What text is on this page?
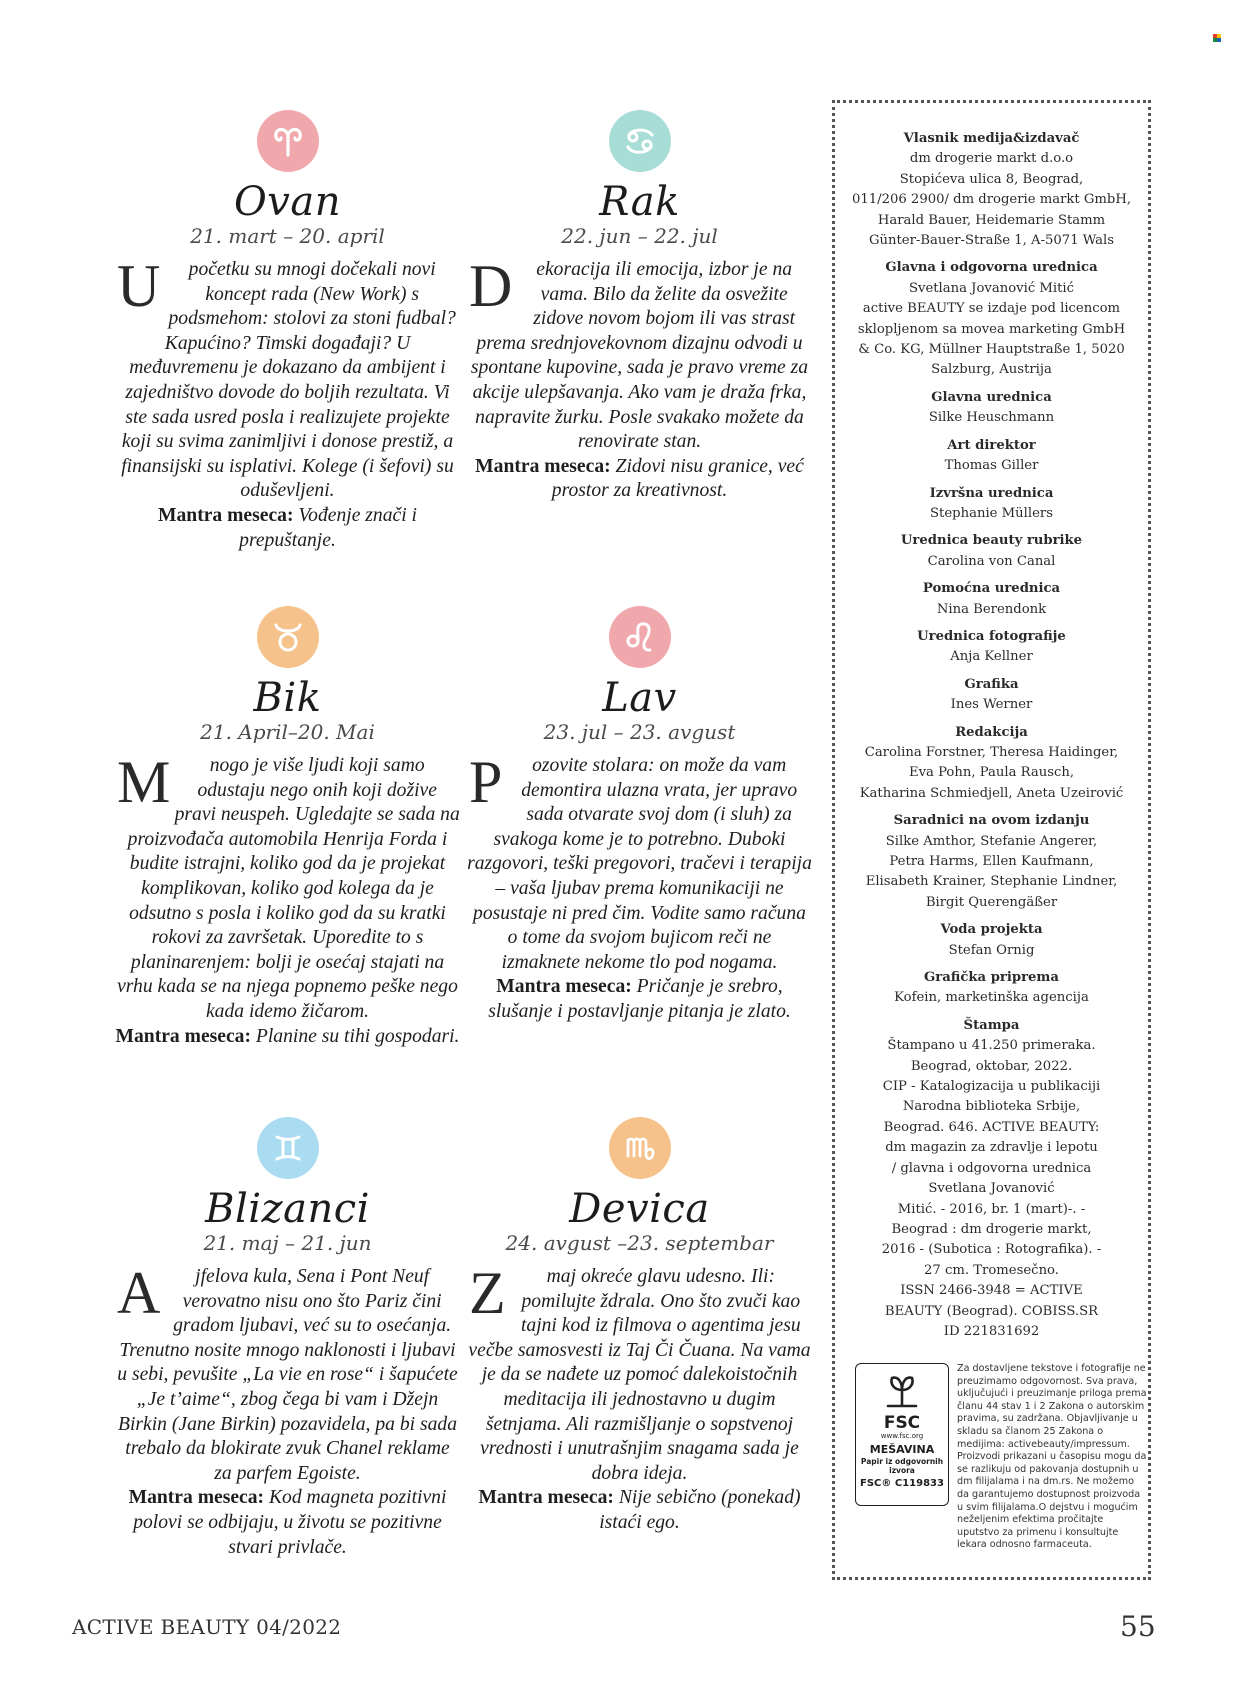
Ovan
21. mart – 20. april
U početku su mnogi dočekali novi koncept rada (New Work) s podsmehom: stolovi za stoni fudbal? Kapućino? Timski događaji? U međuvremenu je dokazano da ambijent i zajedništvo dovode do boljih rezultata. Vi ste sada usred posla i realizujete projekte koji su svima zanimljivi i donose prestiž, a finansijski su isplativi. Kolege (i šefovi) su oduševljeni.
Mantra meseca: Vođenje znači i prepuštanje.
Rak
22. jun – 22. jul
D ekoracija ili emocija, izbor je na vama. Bilo da želite da osvežite zidove novom bojom ili vas strast prema srednjovekovnom dizajnu odvodi u spontane kupovine, sada je pravo vreme za akcije ulepšavanja. Ako vam je draža frka, napravite žurku. Posle svakako možete da renovirate stan.
Mantra meseca: Zidovi nisu granice, već prostor za kreativnost.
Bik
21. April–20. Mai
M nogo je više ljudi koji samo odustaju nego onih koji dožive pravi neuspeh. Ugledajte se sada na proizvođača automobila Henrija Forda i budite istrajni, koliko god da je projekat komplikovan, koliko god kolega da je odsutno s posla i koliko god da su kratki rokovi za završetak. Uporedite to s planinarenjem: bolji je osećaj stajati na vrhu kada se na njega popnemo peške nego kada idemo žičarom.
Mantra meseca: Planine su tihi gospodari.
Lav
23. jul – 23. avgust
P ozovite stolara: on može da vam demontira ulazna vrata, jer upravo sada otvarate svoj dom (i sluh) za svakoga kome je to potrebno. Duboki razgovori, teški pregovori, tračevi i terapija – vaša ljubav prema komunikaciji ne posustaje ni pred čim. Vodite samo računa o tome da svojom bujicom reči ne izmaknete nekome tlo pod nogama.
Mantra meseca: Pričanje je srebro, slušanje i postavljanje pitanja je zlato.
Blizanci
21. maj – 21. jun
A jfelova kula, Sena i Pont Neuf verovatno nisu ono što Pariz čini gradom ljubavi, već su to osećanja. Trenutno nosite mnogo naklonosti i ljubavi u sebi, pevušite „La vie en rose“ i šapućete „Je t’aime“, zbog čega bi vam i Džejn Birkin (Jane Birkin) pozavidela, pa bi sada trebalo da blokirate zvuk Chanel reklame za parfem Egoiste.
Mantra meseca: Kod magneta pozitivni polovi se odbijaju, u životu se pozitivne stvari privlače.
Devica
24. avgust –23. septembar
Z maj okreće glavu udesno. Ili: pomilujte ždrala. Ono što zvuči kao tajni kod iz filmova o agentima jesu večbe samosvesti iz Taj Či Čuana. Na vama je da se nađete uz pomoć dalekoistočnih meditacija ili jednostavno u dugim šetnjama. Ali razmišljanje o sopstvenoj vrednosti i unutrašnjim snagama sada je dobra ideja.
Mantra meseca: Nije sebično (ponekad) istaći ego.
Vlasnik medija&izdavač
dm drogerie markt d.o.o
Stopićeva ulica 8, Beograd,
011/206 2900/ dm drogerie markt GmbH,
Harald Bauer, Heidemarie Stamm
Günter-Bauer-Straße 1, A-5071 Wals
Glavna i odgovorna urednica
Svetlana Jovanović Mitić
active BEAUTY se izdaje pod licencom
sklopljenom sa movea marketing GmbH
& Co. KG, Müllner Hauptstraße 1, 5020
Salzburg, Austrija
Glavna urednica
Silke Heuschmann
Art direktor
Thomas Giller
Izvršna urednica
Stephanie Müllers
Urednica beauty rubrike
Carolina von Canal
Pomoćna urednica
Nina Berendonk
Urednica fotografije
Anja Kellner
Grafika
Ines Werner
Redakcija
Carolina Forstner, Theresa Haidinger,
Eva Pohn, Paula Rausch,
Katharina Schmiedjell, Aneta Uzeirović
Saradnici na ovom izdanju
Silke Amthor, Stefanie Angerer,
Petra Harms, Ellen Kaufmann,
Elisabeth Krainer, Stephanie Lindner,
Birgit Querengäßer
Voda projekta
Stefan Ornig
Grafička priprema
Kofein, marketinška agencija
Štampa
Štampano u 41.250 primeraka.
Beograd, oktobar, 2022.
CIP - Katalogizacija u publikaciji
Narodna biblioteka Srbije,
Beograd. 646. ACTIVE BEAUTY:
dm magazin za zdravlje i lepotu
/ glavna i odgovorna urednica
Svetlana Jovanović
Mitić. - 2016, br. 1 (mart)-. -
Beograd : dm drogerie markt,
2016 - (Subotica : Rotografika). -
27 cm. Tromesečno.
ISSN 2466-3948 = ACTIVE
BEAUTY (Beograd). COBISS.SR
ID 221831692
FSC
www.fsc.org
MEŠAVINA
Papir iz odgovornih izvora
FSC® C119833
Za dostavljene tekstove i fotografije ne preuzimamo odgovornost. Sva prava, uključujući i preuzimanje priloga prema članu 44 stav 1 i 2 Zakona o autorskim pravima, su zadržana. Objavljivanje u skladu sa članom 25 Zakona o medijima: activebeauty/impressum. Proizvodi prikazani u časopisu mogu da se razlikuju od pakovanja dostupnih u dm filijalama i na dm.rs. Ne možemo da garantujemo dostupnost proizvoda u svim filijalama.O dejstvu i mogućim neželjenim efektima pročitajte uputstvo za primenu i konsultujte lekara odnosno farmaceuta.
ACTIVE BEAUTY 04/2022	55
